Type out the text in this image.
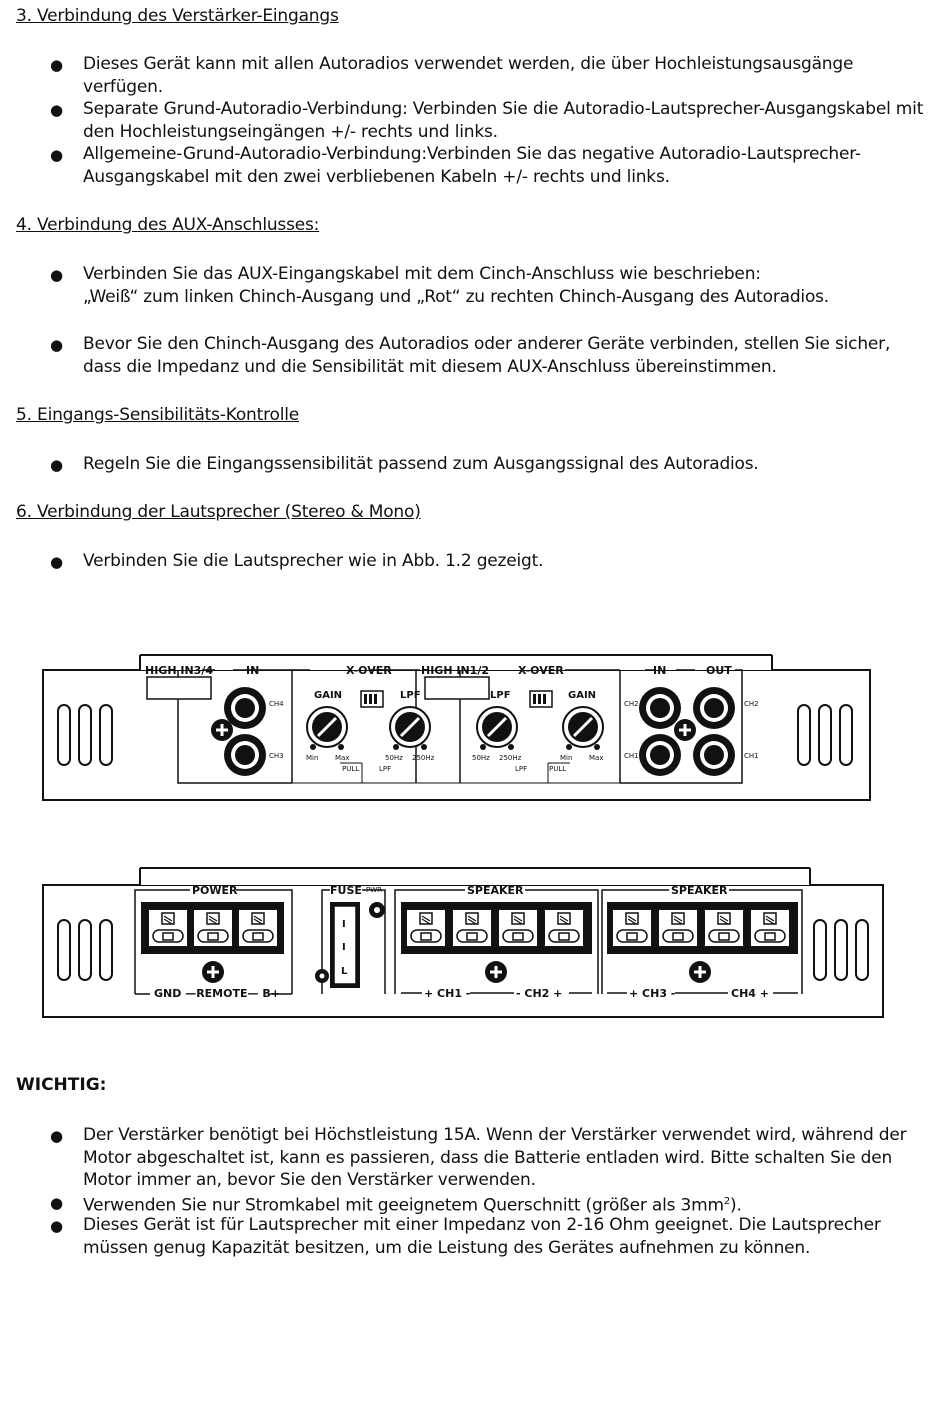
3. Verbindung des Verstärker-Eingangs
● Dieses Gerät kann mit allen Autoradios verwendet werden, die über Hochleistungsausgänge
verfügen.
● Separate Grund-Autoradio-Verbindung: Verbinden Sie die Autoradio-Lautsprecher-Ausgangskabel mit
den Hochleistungseingängen +/- rechts und links.
● Allgemeine-Grund-Autoradio-Verbindung:Verbinden Sie das negative Autoradio-Lautsprecher-
Ausgangskabel mit den zwei verbliebenen Kabeln +/- rechts und links.
4. Verbindung des AUX-Anschlusses:
● Verbinden Sie das AUX-Eingangskabel mit dem Cinch-Anschluss wie beschrieben:
„Weiß“ zum linken Chinch-Ausgang und „Rot“ zu rechten Chinch-Ausgang des Autoradios.
● Bevor Sie den Chinch-Ausgang des Autoradios oder anderer Geräte verbinden, stellen Sie sicher,
dass die Impedanz und die Sensibilität mit diesem AUX-Anschluss übereinstimmen.
5. Eingangs-Sensibilitäts-Kontrolle
● Regeln Sie die Eingangssensibilität passend zum Ausgangssignal des Autoradios.
6. Verbindung der Lautsprecher (Stereo & Mono)
● Verbinden Sie die Lautsprecher wie in Abb. 1.2 gezeigt.
HIGH IN3/4	IN	X-OVER	HIGH IN1/2	X-OVER	IN	OUT
CH4
CH3
GAIN	LPF	LPF	GAIN
Min Max
PULL
50Hz 250Hz
LPF
50Hz 250Hz
LPF
Min Max
PULL
CH2
CH1
CH2
CH1
I
I
L
POWER	FUSE	SPEAKER	SPEAKER
PWR
GND —REMOTE— B+	+ CH1 -	- CH2 +	+ CH3 -	CH4 +
WICHTIG:
● Der Verstärker benötigt bei Höchstleistung 15A. Wenn der Verstärker verwendet wird, während der
Motor abgeschaltet ist, kann es passieren, dass die Batterie entladen wird. Bitte schalten Sie den
Motor immer an, bevor Sie den Verstärker verwenden.
● Verwenden Sie nur Stromkabel mit geeignetem Querschnitt (größer als $3mm^2$).
● Dieses Gerät ist für Lautsprecher mit einer Impedanz von 2-16 Ohm geeignet. Die Lautsprecher
müssen genug Kapazität besitzen, um die Leistung des Gerätes aufnehmen zu können.
